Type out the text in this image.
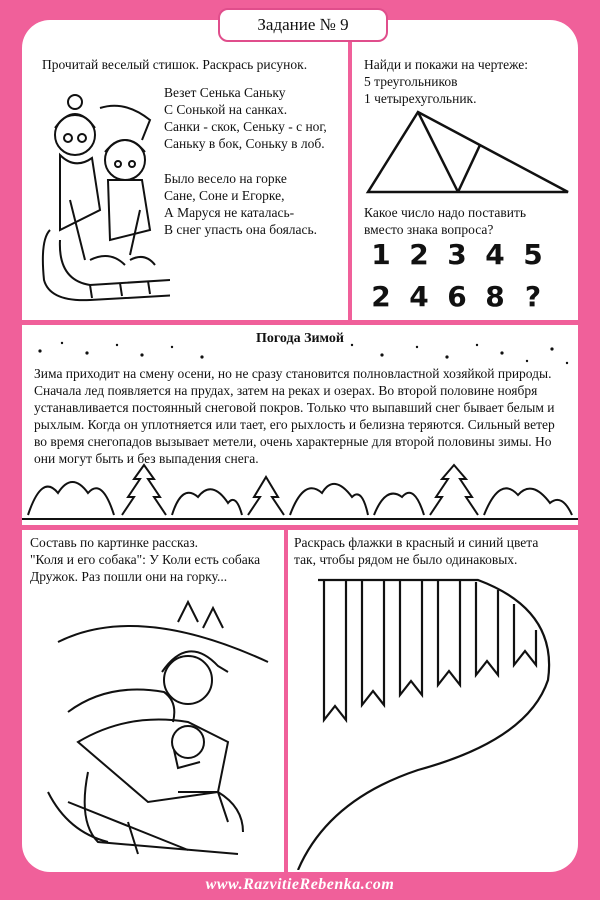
Задание № 9
Прочитай веселый стишок. Раскрась рисунок.
Везет Сенька Саньку
С Сонькой на санках.
Санки - скок, Сеньку - с ног,
Саньку в бок, Соньку в лоб.
Было весело на горке
Сане, Соне и Егорке,
А Маруся не каталась-
В снег упасть она боялась.
Найди и покажи на чертеже:
5 треугольников
1 четырехугольник.
Какое число надо поставить
вместо знака вопроса?
1 2 3 4 5
2 4 6 8 ?
Погода Зимой
Зима приходит на смену осени, но не сразу становится полновластной хозяйкой природы. Сначала лед появляется на прудах, затем на реках и озерах. Во второй половине ноября устанавливается постоянный снеговой покров. Только что выпавший снег бывает белым и рыхлым. Когда он уплотняется или тает, его рыхлость и белизна теряются. Сильный ветер во время снегопадов вызывает метели, очень характерные для второй половины зимы. Но они могут быть и без выпадения снега.
Составь по картинке рассказ.
"Коля и его собака": У Коли есть собака
Дружок. Раз пошли они на горку...
Раскрась флажки в красный и синий цвета
так, чтобы рядом не было одинаковых.
www.RazvitieRebenka.com
